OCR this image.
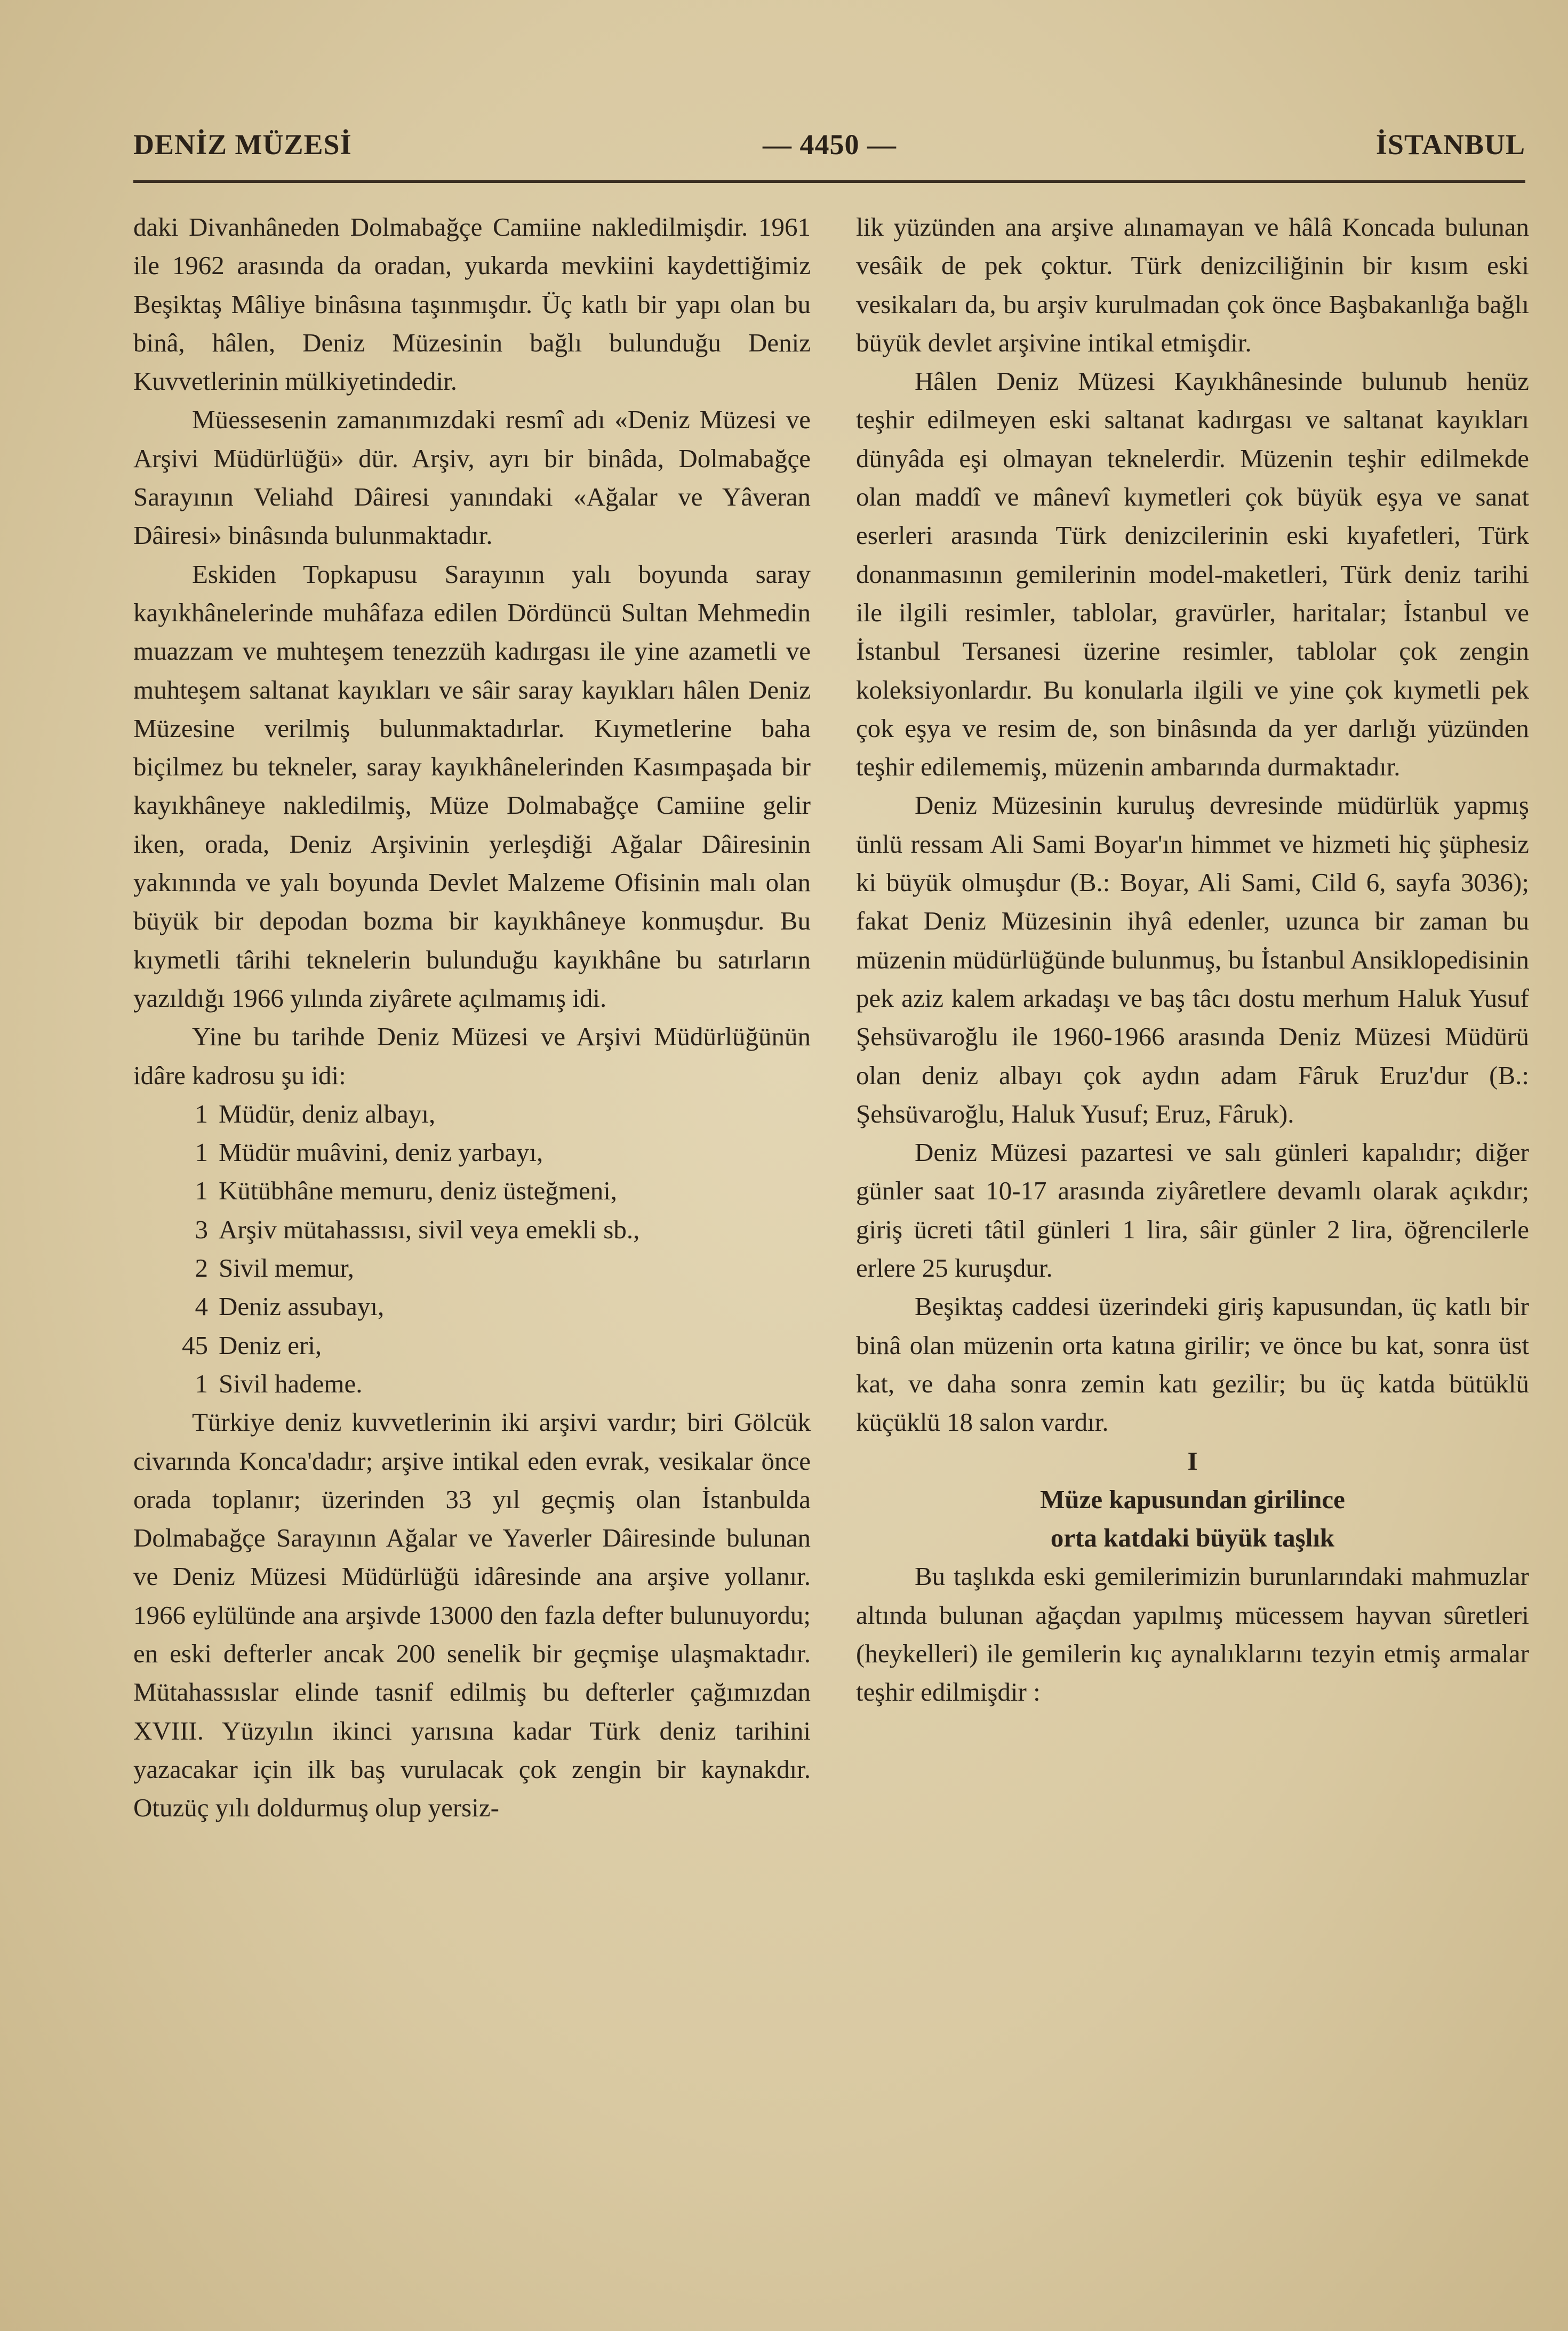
DENİZ MÜZESİ	— 4450 —	İSTANBUL

daki Divanhâneden Dolmabağçe Camiine nakledilmişdir. 1961 ile 1962 arasında da oradan, yukarda mevkiini kaydettiğimiz Beşiktaş Mâliye binâsına taşınmışdır. Üç katlı bir yapı olan bu binâ, hâlen, Deniz Müzesinin bağlı bulunduğu Deniz Kuvvetlerinin mülkiyetindedir.

Müessesenin zamanımızdaki resmî adı «Deniz Müzesi ve Arşivi Müdürlüğü» dür. Arşiv, ayrı bir binâda, Dolmabağçe Sarayının Veliahd Dâiresi yanındaki «Ağalar ve Yâveran Dâiresi» binâsında bulunmaktadır.

Eskiden Topkapusu Sarayının yalı boyunda saray kayıkhânelerinde muhâfaza edilen Dördüncü Sultan Mehmedin muazzam ve muhteşem tenezzüh kadırgası ile yine azametli ve muhteşem saltanat kayıkları ve sâir saray kayıkları hâlen Deniz Müzesine verilmiş bulunmaktadırlar. Kıymetlerine baha biçilmez bu tekneler, saray kayıkhânelerinden Kasımpaşada bir kayıkhâneye nakledilmiş, Müze Dolmabağçe Camiine gelir iken, orada, Deniz Arşivinin yerleşdiği Ağalar Dâiresinin yakınında ve yalı boyunda Devlet Malzeme Ofisinin malı olan büyük bir depodan bozma bir kayıkhâneye konmuşdur. Bu kıymetli târihi teknelerin bulunduğu kayıkhâne bu satırların yazıldığı 1966 yılında ziyârete açılmamış idi.

Yine bu tarihde Deniz Müzesi ve Arşivi Müdürlüğünün idâre kadrosu şu idi:

1 Müdür, deniz albayı,
1 Müdür muâvini, deniz yarbayı,
1 Kütübhâne memuru, deniz üsteğmeni,
3 Arşiv mütahassısı, sivil veya emekli sb.,
2 Sivil memur,
4 Deniz assubayı,
45 Deniz eri,
1 Sivil hademe.

Türkiye deniz kuvvetlerinin iki arşivi vardır; biri Gölcük civarında Konca'dadır; arşive intikal eden evrak, vesikalar önce orada toplanır; üzerinden 33 yıl geçmiş olan İstanbulda Dolmabağçe Sarayının Ağalar ve Yaverler Dâiresinde bulunan ve Deniz Müzesi Müdürlüğü idâresinde ana arşive yollanır. 1966 eylülünde ana arşivde 13000 den fazla defter bulunuyordu; en eski defterler ancak 200 senelik bir geçmişe ulaşmaktadır. Mütahassıslar elinde tasnif edilmiş bu defterler çağımızdan XVIII. Yüzyılın ikinci yarısına kadar Türk deniz tarihini yazacakar için ilk baş vurulacak çok zengin bir kaynakdır. Otuzüç yılı doldurmuş olup yersiz-

lik yüzünden ana arşive alınamayan ve hâlâ Koncada bulunan vesâik de pek çoktur. Türk denizciliğinin bir kısım eski vesikaları da, bu arşiv kurulmadan çok önce Başbakanlığa bağlı büyük devlet arşivine intikal etmişdir.

Hâlen Deniz Müzesi Kayıkhânesinde bulunub henüz teşhir edilmeyen eski saltanat kadırgası ve saltanat kayıkları dünyâda eşi olmayan teknelerdir. Müzenin teşhir edilmekde olan maddî ve mânevî kıymetleri çok büyük eşya ve sanat eserleri arasında Türk denizcilerinin eski kıyafetleri, Türk donanmasının gemilerinin model-maketleri, Türk deniz tarihi ile ilgili resimler, tablolar, gravürler, haritalar; İstanbul ve İstanbul Tersanesi üzerine resimler, tablolar çok zengin koleksiyonlardır. Bu konularla ilgili ve yine çok kıymetli pek çok eşya ve resim de, son binâsında da yer darlığı yüzünden teşhir edilememiş, müzenin ambarında durmaktadır.

Deniz Müzesinin kuruluş devresinde müdürlük yapmış ünlü ressam Ali Sami Boyar'ın himmet ve hizmeti hiç şüphesiz ki büyük olmuşdur (B.: Boyar, Ali Sami, Cild 6, sayfa 3036); fakat Deniz Müzesinin ihyâ edenler, uzunca bir zaman bu müzenin müdürlüğünde bulunmuş, bu İstanbul Ansiklopedisinin pek aziz kalem arkadaşı ve baş tâcı dostu merhum Haluk Yusuf Şehsüvaroğlu ile 1960-1966 arasında Deniz Müzesi Müdürü olan deniz albayı çok aydın adam Fâruk Eruz'dur (B.: Şehsüvaroğlu, Haluk Yusuf; Eruz, Fâruk).

Deniz Müzesi pazartesi ve salı günleri kapalıdır; diğer günler saat 10-17 arasında ziyâretlere devamlı olarak açıkdır; giriş ücreti tâtil günleri 1 lira, sâir günler 2 lira, öğrencilerle erlere 25 kuruşdur.

Beşiktaş caddesi üzerindeki giriş kapusundan, üç katlı bir binâ olan müzenin orta katına girilir; ve önce bu kat, sonra üst kat, ve daha sonra zemin katı gezilir; bu üç katda bütüklü küçüklü 18 salon vardır.

I

Müze kapusundan girilince
orta katdaki büyük taşlık

Bu taşlıkda eski gemilerimizin burunlarındaki mahmuzlar altında bulunan ağaçdan yapılmış mücessem hayvan sûretleri (heykelleri) ile gemilerin kıç aynalıklarını tezyin etmiş armalar teşhir edilmişdir :
